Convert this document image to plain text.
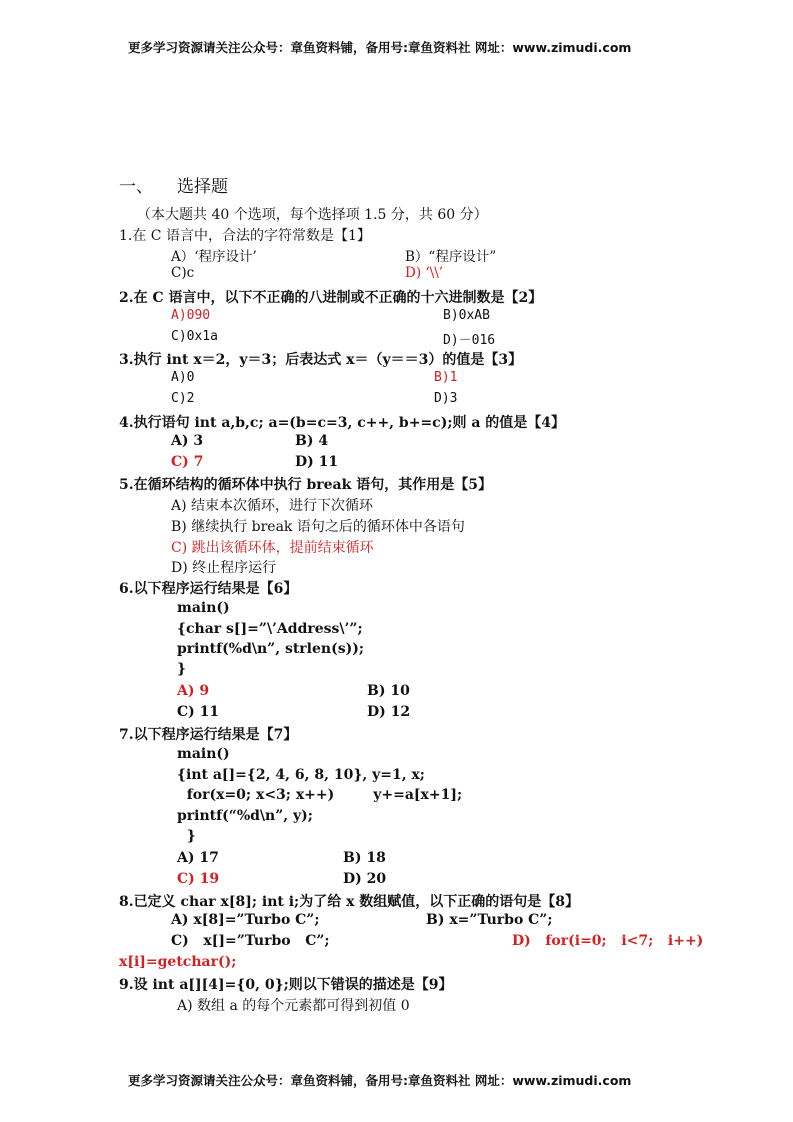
更多学习资源请关注公众号：章鱼资料铺，备用号:章鱼资料社 网址：www.zimudi.com
一、 选择题
（本大题共 40 个选项，每个选择项 1.5 分，共 60 分）
1.在 C 语言中，合法的字符常数是【1】
A）‘程序设计’	B）“程序设计”
C)c	D) ‘\\’
2.在 C 语言中，以下不正确的八进制或不正确的十六进制数是【2】
A)090	B)0xAB
C)0x1a	D)－016
3.执行 int x＝2，y＝3；后表达式 x＝（y＝＝3）的值是【3】
A)0	B)1
C)2	D)3
4.执行语句 int a,b,c; a=(b=c=3, c++, b+=c);则 a 的值是【4】
A) 3	B) 4
C) 7	D) 11
5.在循环结构的循环体中执行 break 语句，其作用是【5】
A) 结束本次循环，进行下次循环
B) 继续执行 break 语句之后的循环体中各语句
C) 跳出该循环体，提前结束循环
D) 终止程序运行
6.以下程序运行结果是【6】
main()
{char s[]=”\’Address\’”;
printf(%d\n”, strlen(s));
}
A) 9	B) 10
C) 11	D) 12
7.以下程序运行结果是【7】
main()
{int a[]={2, 4, 6, 8, 10}, y=1, x;
for(x=0; x<3; x++)        y+=a[x+1];
printf(“%d\n”, y);
}
A) 17	B) 18
C) 19	D) 20
8.已定义 char x[8]; int i;为了给 x 数组赋值，以下正确的语句是【8】
A) x[8]=”Turbo C”;	B) x=”Turbo C”;
C)   x[]=”Turbo   C”;	D)   for(i=0;   i<7;   i++)
x[i]=getchar();
9.设 int a[][4]={0, 0};则以下错误的描述是【9】
A) 数组 a 的每个元素都可得到初值 0
更多学习资源请关注公众号：章鱼资料铺，备用号:章鱼资料社 网址：www.zimudi.com
